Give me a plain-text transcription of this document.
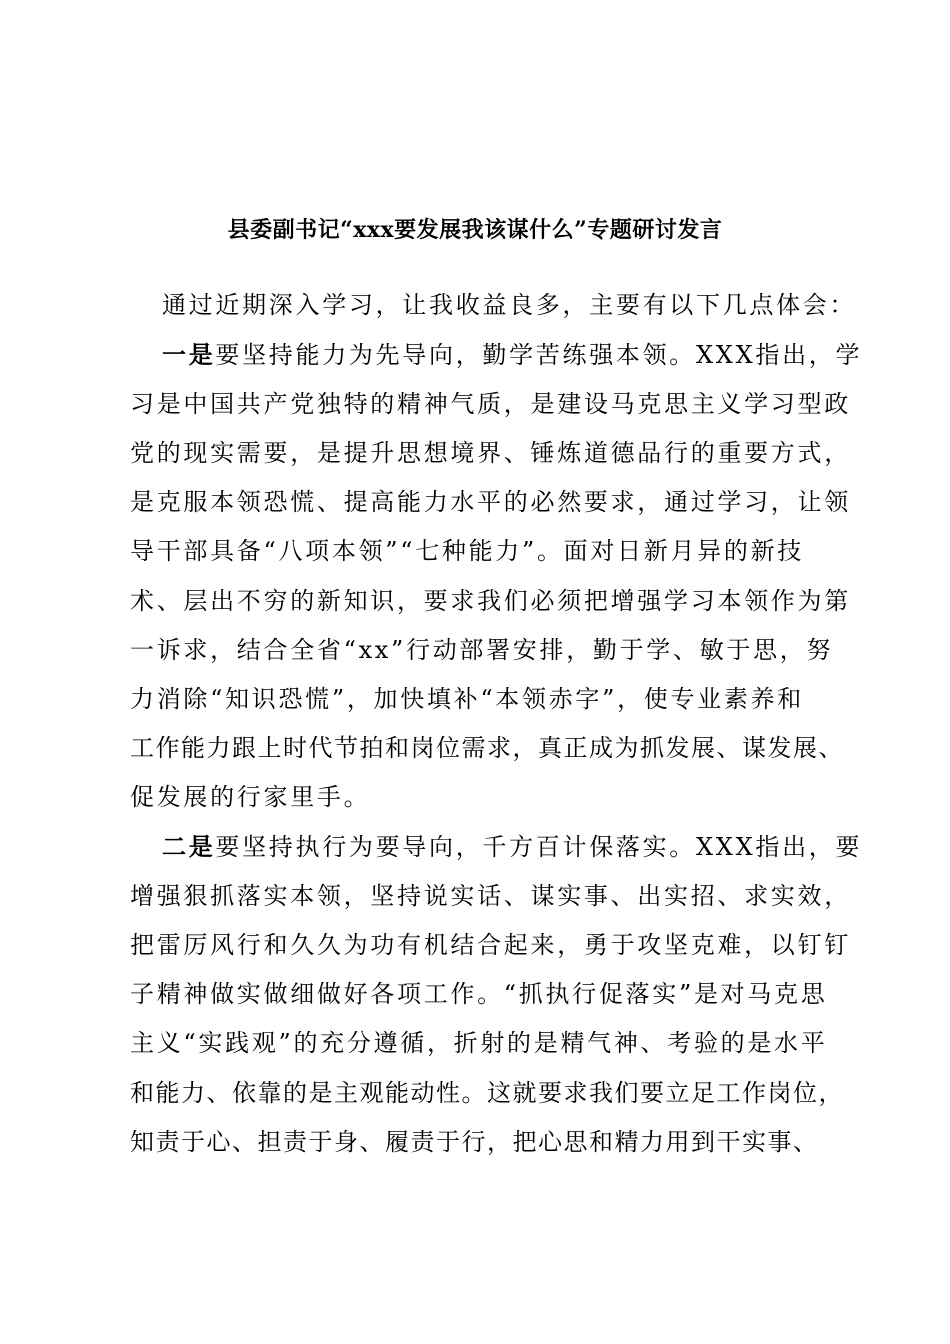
县委副书记“xxx要发展我该谋什么”专题研讨发言
通过近期深入学习，让我收益良多，主要有以下几点体会：
一是要坚持能力为先导向，勤学苦练强本领。XXX指出，学
习是中国共产党独特的精神气质，是建设马克思主义学习型政
党的现实需要，是提升思想境界、锤炼道德品行的重要方式，
是克服本领恐慌、提高能力水平的必然要求，通过学习，让领
导干部具备“八项本领”“七种能力”。面对日新月异的新技
术、层出不穷的新知识，要求我们必须把增强学习本领作为第
一诉求，结合全省“xx”行动部署安排，勤于学、敏于思，努
力消除“知识恐慌”，加快填补“本领赤字”，使专业素养和
工作能力跟上时代节拍和岗位需求，真正成为抓发展、谋发展、
促发展的行家里手。
二是要坚持执行为要导向，千方百计保落实。XXX指出，要
增强狠抓落实本领，坚持说实话、谋实事、出实招、求实效，
把雷厉风行和久久为功有机结合起来，勇于攻坚克难，以钉钉
子精神做实做细做好各项工作。“抓执行促落实”是对马克思
主义“实践观”的充分遵循，折射的是精气神、考验的是水平
和能力、依靠的是主观能动性。这就要求我们要立足工作岗位，
知责于心、担责于身、履责于行，把心思和精力用到干实事、
